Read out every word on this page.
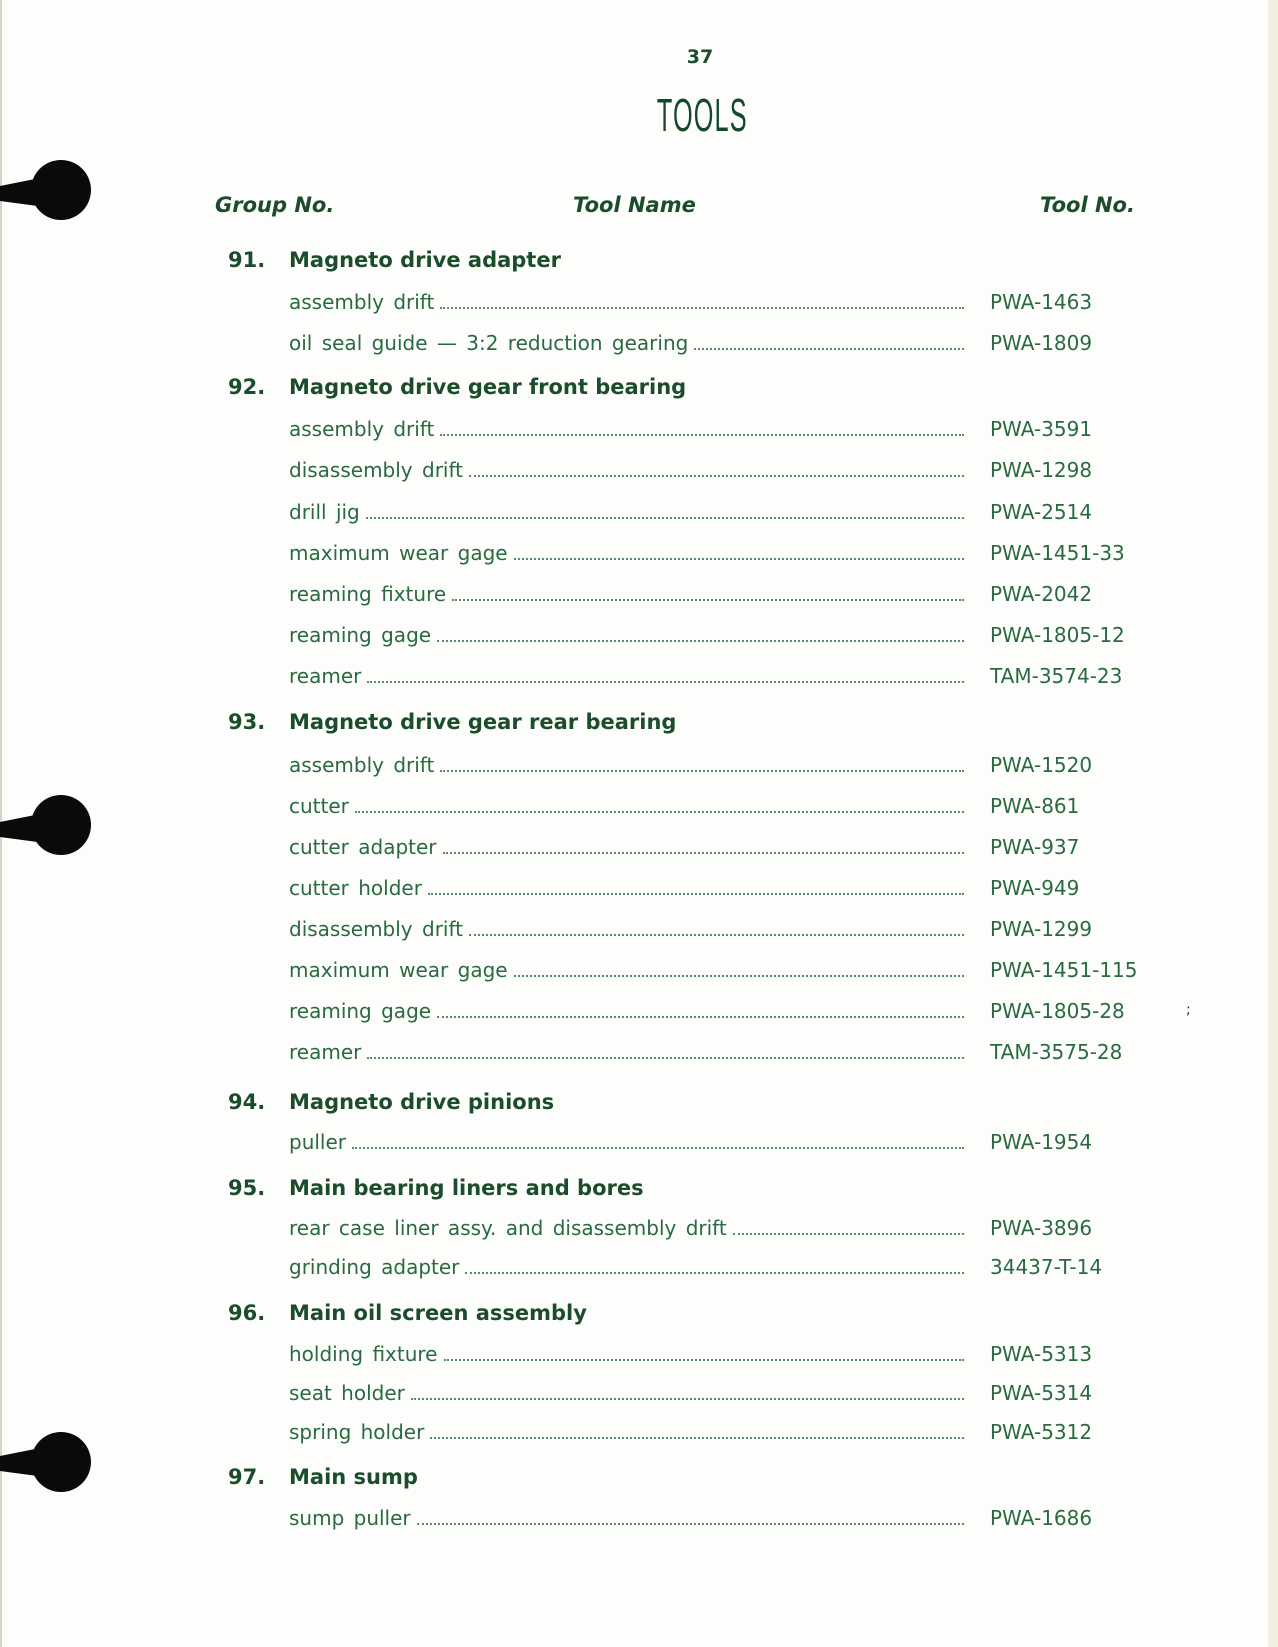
37
TOOLS
Group No.	Tool Name	Tool No.
91. Magneto drive adapter
assembly drift	PWA-1463
oil seal guide — 3:2 reduction gearing	PWA-1809
92. Magneto drive gear front bearing
assembly drift	PWA-3591
disassembly drift	PWA-1298
drill jig	PWA-2514
maximum wear gage	PWA-1451-33
reaming fixture	PWA-2042
reaming gage	PWA-1805-12
reamer	TAM-3574-23
93. Magneto drive gear rear bearing
assembly drift	PWA-1520
cutter	PWA-861
cutter adapter	PWA-937
cutter holder	PWA-949
disassembly drift	PWA-1299
maximum wear gage	PWA-1451-115
reaming gage	PWA-1805-28
reamer	TAM-3575-28
94. Magneto drive pinions
puller	PWA-1954
95. Main bearing liners and bores
rear case liner assy. and disassembly drift	PWA-3896
grinding adapter	34437-T-14
96. Main oil screen assembly
holding fixture	PWA-5313
seat holder	PWA-5314
spring holder	PWA-5312
97. Main sump
sump puller	PWA-1686
;
